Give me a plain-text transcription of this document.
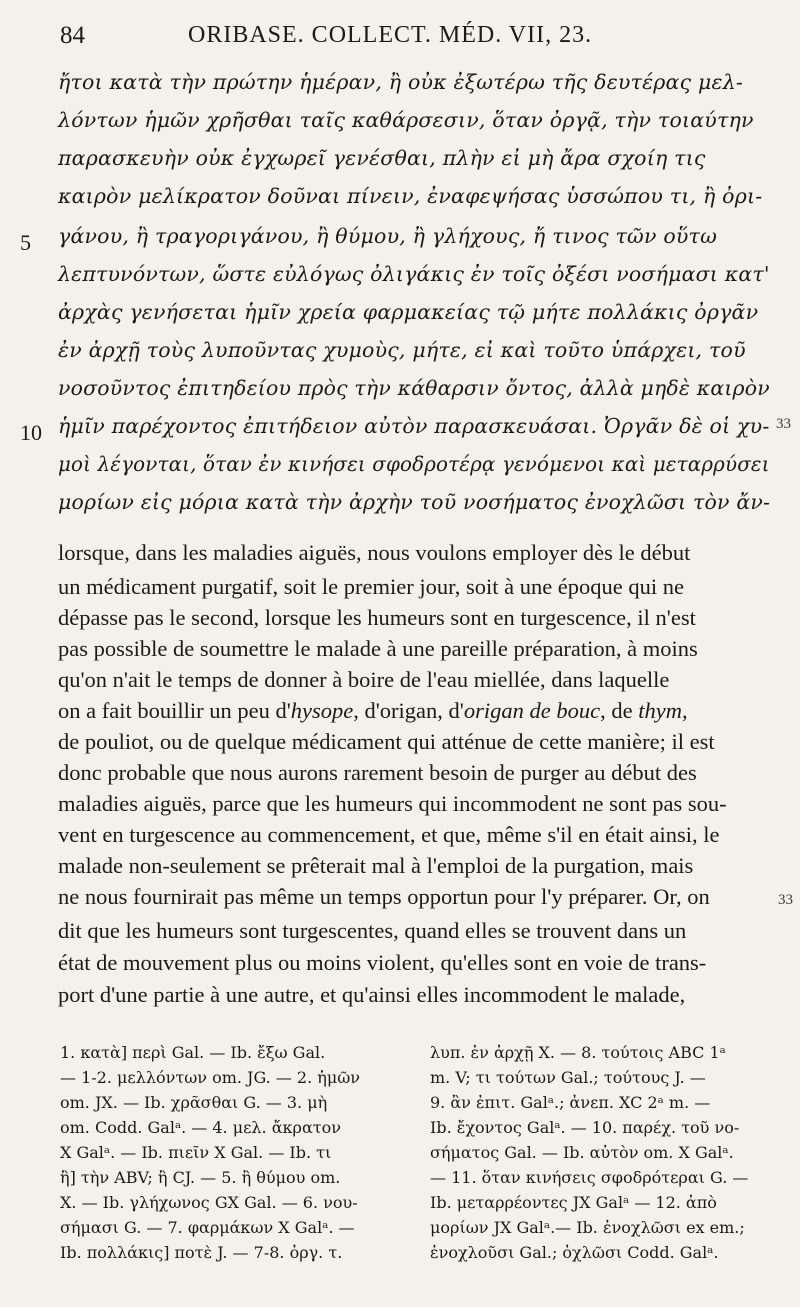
84	ORIBASE. COLLECT. MÉD. VII, 23.
ἤτοι κατὰ τὴν πρώτην ἡμέραν, ἢ οὐκ ἐξωτέρω τῆς δευτέρας μελ-
λόντων ἡμῶν χρῆσθαι ταῖς καθάρσεσιν, ὅταν ὀργᾷ, τὴν τοιαύτην
παρασκευὴν οὐκ ἐγχωρεῖ γενέσθαι, πλὴν εἰ μὴ ἄρα σχοίη τις
καιρὸν μελίκρατον δοῦναι πίνειν, ἐναφεψήσας ὑσσώπου τι, ἢ ὀρι-
γάνου, ἢ τραγοριγάνου, ἢ θύμου, ἢ γλήχους, ἤ τινος τῶν οὕτω
λεπτυνόντων, ὥστε εὐλόγως ὀλιγάκις ἐν τοῖς ὀξέσι νοσήμασι κατ'
ἀρχὰς γενήσεται ἡμῖν χρεία φαρμακείας τῷ μήτε πολλάκις ὀργᾶν
ἐν ἀρχῇ τοὺς λυποῦντας χυμοὺς, μήτε, εἰ καὶ τοῦτο ὑπάρχει, τοῦ
νοσοῦντος ἐπιτηδείου πρὸς τὴν κάθαρσιν ὄντος, ἀλλὰ μηδὲ καιρὸν
ἡμῖν παρέχοντος ἐπιτήδειον αὐτὸν παρασκευάσαι. Ὀργᾶν δὲ οἱ χυ-
μοὶ λέγονται, ὅταν ἐν κινήσει σφοδροτέρᾳ γενόμενοι καὶ μεταρρύσει
μορίων εἰς μόρια κατὰ τὴν ἀρχὴν τοῦ νοσήματος ἐνοχλῶσι τὸν ἄν-
5
10	33
lorsque, dans les maladies aiguës, nous voulons employer dès le début
un médicament purgatif, soit le premier jour, soit à une époque qui ne
dépasse pas le second, lorsque les humeurs sont en turgescence, il n'est
pas possible de soumettre le malade à une pareille préparation, à moins
qu'on n'ait le temps de donner à boire de l'eau miellée, dans laquelle
on a fait bouillir un peu d'hysope, d'origan, d'origan de bouc, de thym,
de pouliot, ou de quelque médicament qui atténue de cette manière; il est
donc probable que nous aurons rarement besoin de purger au début des
maladies aiguës, parce que les humeurs qui incommodent ne sont pas sou-
vent en turgescence au commencement, et que, même s'il en était ainsi, le
malade non-seulement se prêterait mal à l'emploi de la purgation, mais
ne nous fournirait pas même un temps opportun pour l'y préparer. Or, on
dit que les humeurs sont turgescentes, quand elles se trouvent dans un
état de mouvement plus ou moins violent, qu'elles sont en voie de trans-
port d'une partie à une autre, et qu'ainsi elles incommodent le malade,
33
1. κατὰ] περὶ Gal. — Ib. ἔξω Gal.
— 1-2. μελλόντων om. JG. — 2. ἡμῶν
om. JX. — Ib. χρᾶσθαι G. — 3. μὴ
om. Codd. Galᵃ. — 4. μελ. ἄκρατον
X Galᵃ. — Ib. πιεῖν X Gal. — Ib. τι
ἢ] τὴν ABV; ἢ CJ. — 5. ἢ θύμου om.
X. — Ib. γλήχωνος GX Gal. — 6. νου-
σήμασι G. — 7. φαρμάκων X Galᵃ. —
Ib. πολλάκις] ποτὲ J. — 7-8. ὀργ. τ.
λυπ. ἐν ἀρχῇ X. — 8. τούτοις ABC 1ᵃ
m. V; τι τούτων Gal.; τούτους J. —
9. ἂν ἐπιτ. Galᵃ.; ἀνεπ. XC 2ᵃ m. —
Ib. ἔχοντος Galᵃ. — 10. παρέχ. τοῦ νο-
σήματος Gal. — Ib. αὐτὸν om. X Galᵃ.
— 11. ὅταν κινήσεις σφοδρότεραι G. —
Ib. μεταρρέοντες JX Galᵃ — 12. ἀπὸ
μορίων JX Galᵃ.— Ib. ἐνοχλῶσι ex em.;
ἐνοχλοῦσι Gal.; ὀχλῶσι Codd. Galᵃ.
